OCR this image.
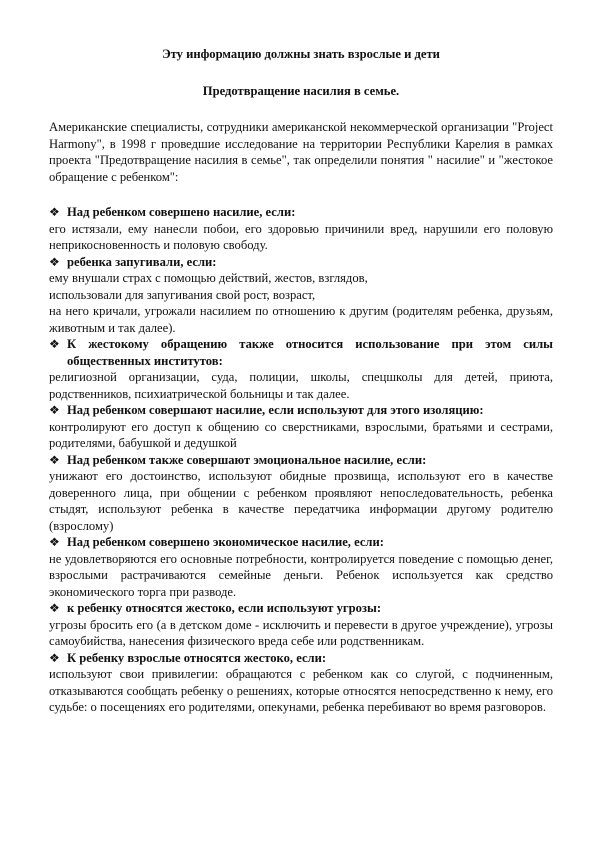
Эту информацию должны знать взрослые и дети

Предотвращение насилия в семье.

Американские специалисты, сотрудники американской некоммерческой организации "Project Harmony", в 1998 г проведшие исследование на территории Республики Карелия в рамках проекта "Предотвращение насилия в семье", так определили понятия " насилие" и "жестокое обращение с ребенком":

❖ Над ребенком совершено насилие, если:

его истязали, ему нанесли побои, его здоровью причинили вред, нарушили его половую неприкосновенность и половую свободу.

❖ ребенка запугивали, если:

ему внушали страх с помощью действий, жестов, взглядов,
использовали для запугивания свой рост, возраст,
на него кричали, угрожали насилием по отношению к другим (родителям ребенка, друзьям, животным и так далее).

❖ К жестокому обращению также относится использование при этом силы общественных институтов:

религиозной организации, суда, полиции, школы, спецшколы для детей, приюта, родственников, психиатрической больницы и так далее.

❖ Над ребенком совершают насилие, если используют для этого изоляцию:

контролируют его доступ к общению со сверстниками, взрослыми, братьями и сестрами, родителями, бабушкой и дедушкой

❖ Над ребенком также совершают эмоциональное насилие, если:

унижают его достоинство, используют обидные прозвища, используют его в качестве доверенного лица, при общении с ребенком проявляют непоследовательность, ребенка стыдят, используют ребенка в качестве передатчика информации другому родителю (взрослому)

❖ Над ребенком совершено экономическое насилие, если:

не удовлетворяются его основные потребности, контролируется поведение с помощью денег, взрослыми растрачиваются семейные деньги. Ребенок используется как средство экономического торга при разводе.

❖ к ребенку относятся жестоко, если используют угрозы:

угрозы бросить его (а в детском доме - исключить и перевести в другое учреждение), угрозы самоубийства, нанесения физического вреда себе или родственникам.

❖ К ребенку взрослые относятся жестоко, если:

используют свои привилегии: обращаются с ребенком как со слугой, с подчиненным, отказываются сообщать ребенку о решениях, которые относятся непосредственно к нему, его судьбе: о посещениях его родителями, опекунами, ребенка перебивают во время разговоров.
